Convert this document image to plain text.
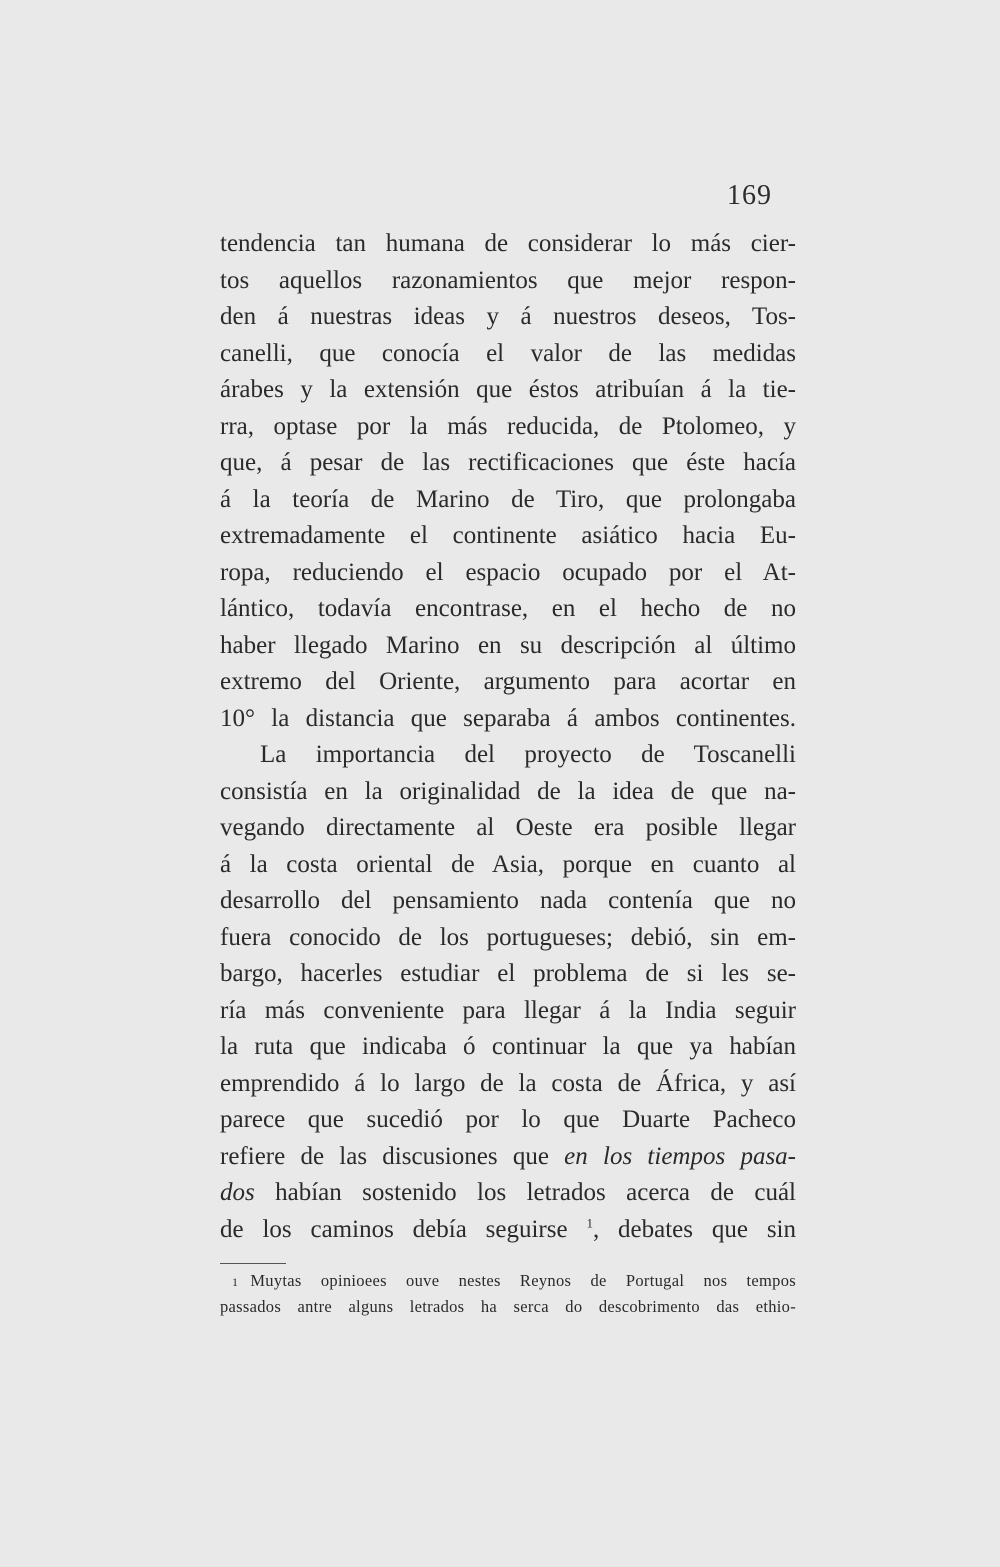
169
tendencia tan humana de considerar lo más cier-
tos aquellos razonamientos que mejor respon-
den á nuestras ideas y á nuestros deseos, Tos-
canelli, que conocía el valor de las medidas
árabes y la extensión que éstos atribuían á la tie-
rra, optase por la más reducida, de Ptolomeo, y
que, á pesar de las rectificaciones que éste hacía
á la teoría de Marino de Tiro, que prolongaba
extremadamente el continente asiático hacia Eu-
ropa, reduciendo el espacio ocupado por el At-
lántico, todavía encontrase, en el hecho de no
haber llegado Marino en su descripción al último
extremo del Oriente, argumento para acortar en
10° la distancia que separaba á ambos continentes.
La importancia del proyecto de Toscanelli
consistía en la originalidad de la idea de que na-
vegando directamente al Oeste era posible llegar
á la costa oriental de Asia, porque en cuanto al
desarrollo del pensamiento nada contenía que no
fuera conocido de los portugueses; debió, sin em-
bargo, hacerles estudiar el problema de si les se-
ría más conveniente para llegar á la India seguir
la ruta que indicaba ó continuar la que ya habían
emprendido á lo largo de la costa de África, y así
parece que sucedió por lo que Duarte Pacheco
refiere de las discusiones que en los tiempos pasa-
dos habían sostenido los letrados acerca de cuál
de los caminos debía seguirse $^1$, debates que sin
1 Muytas opinioees ouve nestes Reynos de Portugal nos tempos
passados antre alguns letrados ha serca do descobrimento das ethio-
